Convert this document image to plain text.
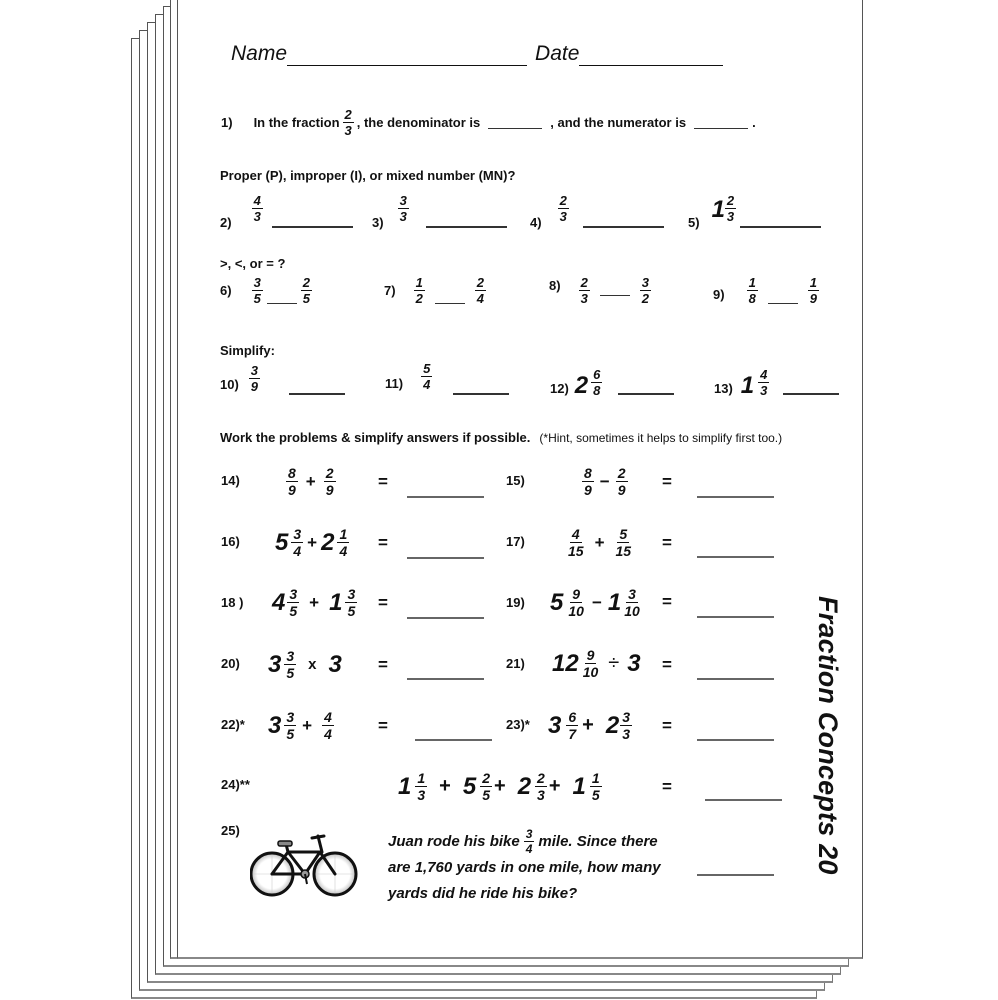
Name	Date
1) In the fraction $\frac{2}{3}$ , the denominator is	, and the numerator is	.
Proper (P), improper (I), or mixed number (MN)?
$2) \frac{4}{3}$	$3) \frac{3}{3}$	$4) \frac{2}{3}$	5) $1 \frac{2}{3}$
>, <, or = ?
$6) \frac{3}{5}$	$\frac{2}{5}$	$7) \frac{1}{2}$	$\frac{2}{4}$	$8) \frac{2}{3}$	$\frac{3}{2}$	$9) \frac{1}{8}$	$\frac{1}{9}$
Simplify:
$10) \frac{3}{9}$	$11) \frac{5}{4}$	12) $2 \frac{6}{8}$	13) $1 \frac{4}{3}$
Work the problems & simplify answers if possible. (*Hint, sometimes it helps to simplify first too.)
14)	$\frac{8}{9} + \frac{2}{9}$ =	15)	$\frac{8}{9} - \frac{2}{9}$ =
16) $5 \frac{3}{4} + 2 \frac{1}{4}$ =	17)	$\frac{4}{15} + \frac{5}{15}$ =
18 ) $4 \frac{3}{5} + 1 \frac{3}{5}$ =	19) $5 \frac{9}{10} - 1 \frac{3}{10}$ =
20) $3 \frac{3}{5}$ x 3 =	21) $12 \frac{9}{10} \div 3$ =
22)* $3 \frac{3}{5} + \frac{4}{4}$	=	23)* $3 \frac{6}{7} + 2 \frac{3}{3}$ =
24)**	$1 \frac{1}{3} + 5 \frac{2}{5} + 2 \frac{2}{3} + 1 \frac{1}{5}$	=
25)
Juan rode his bike $\frac{3}{4}$ mile. Since there
are 1,760 yards in one mile, how many
yards did he ride his bike?
Fraction Concepts 20
